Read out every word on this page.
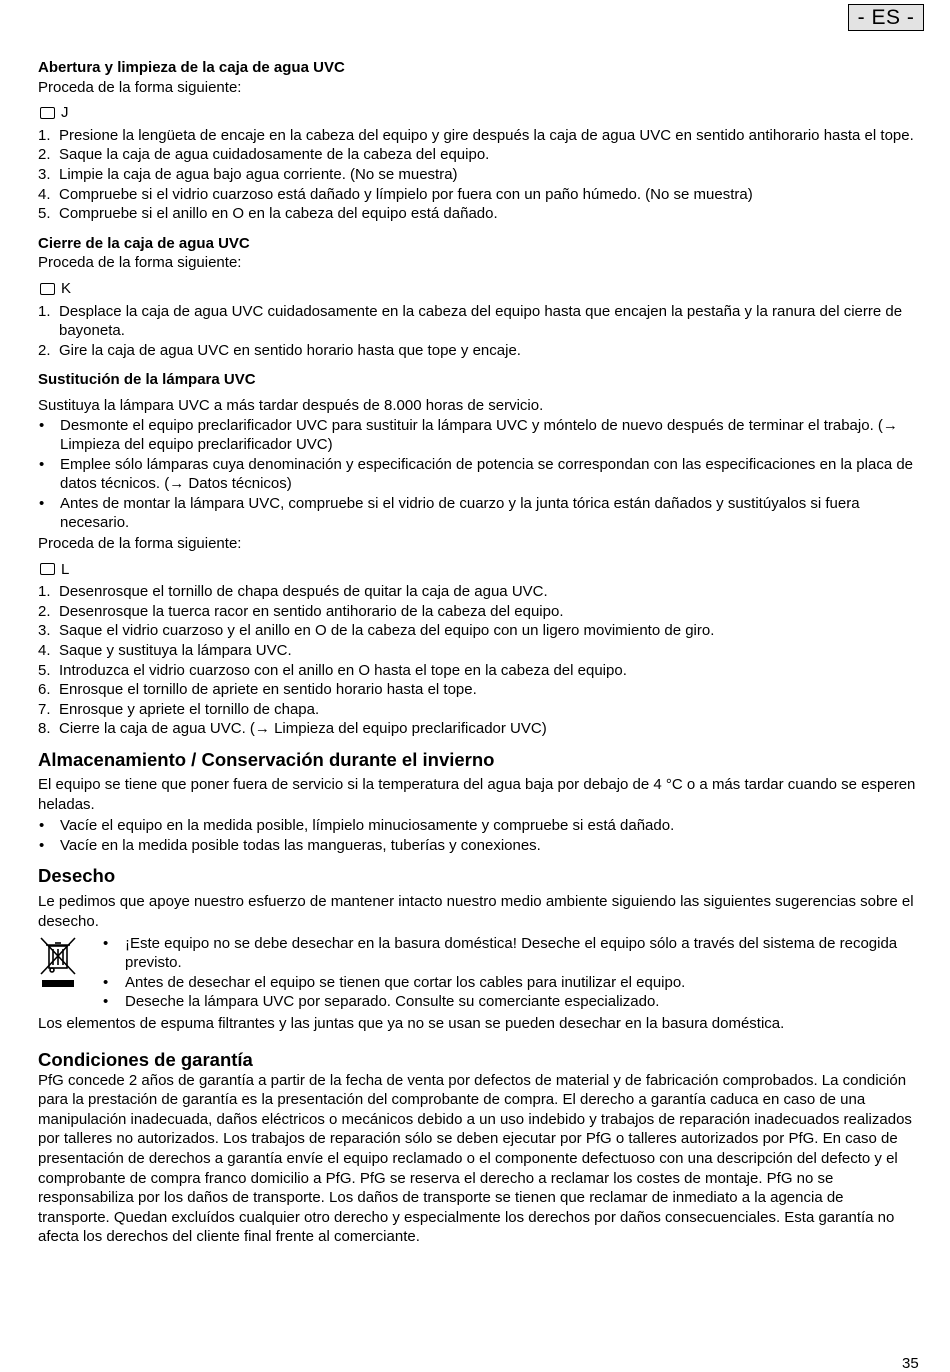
- ES -
Abertura y limpieza de la caja de agua UVC

Proceda de la forma siguiente:

J
1. Presione la lengüeta de encaje en la cabeza del equipo y gire después la caja de agua UVC en sentido antihorario hasta el tope.
2. Saque la caja de agua cuidadosamente de la cabeza del equipo.
3. Limpie la caja de agua bajo agua corriente. (No se muestra)
4. Compruebe si el vidrio cuarzoso está dañado y límpielo por fuera con un paño húmedo. (No se muestra)
5. Compruebe si el anillo en O en la cabeza del equipo está dañado.
Cierre de la caja de agua UVC

Proceda de la forma siguiente:

K
1. Desplace la caja de agua UVC cuidadosamente en la cabeza del equipo hasta que encajen la pestaña y la ranura del cierre de bayoneta.
2. Gire la caja de agua UVC en sentido horario hasta que tope y encaje.
Sustitución de la lámpara UVC

Sustituya la lámpara UVC a más tardar después de 8.000 horas de servicio.

•	Desmonte el equipo preclarificador UVC para sustituir la lámpara UVC y móntelo de nuevo después de terminar el trabajo. (→ Limpieza del equipo preclarificador UVC)
•	Emplee sólo lámparas cuya denominación y especificación de potencia se correspondan con las especificaciones en la placa de datos técnicos. (→ Datos técnicos)
•	Antes de montar la lámpara UVC, compruebe si el vidrio de cuarzo y la junta tórica están dañados y sustitúyalos si fuera necesario.

Proceda de la forma siguiente:

L
1. Desenrosque el tornillo de chapa después de quitar la caja de agua UVC.
2. Desenrosque la tuerca racor en sentido antihorario de la cabeza del equipo.
3. Saque el vidrio cuarzoso y el anillo en O de la cabeza del equipo con un ligero movimiento de giro.
4. Saque y sustituya la lámpara UVC.
5. Introduzca el vidrio cuarzoso con el anillo en O hasta el tope en la cabeza del equipo.
6. Enrosque el tornillo de apriete en sentido horario hasta el tope.
7. Enrosque y apriete el tornillo de chapa.
8. Cierre la caja de agua UVC. (→ Limpieza del equipo preclarificador UVC)
Almacenamiento / Conservación durante el invierno

El equipo se tiene que poner fuera de servicio si la temperatura del agua baja por debajo de 4 °C o a más tardar cuando se esperen heladas.

•	Vacíe el equipo en la medida posible, límpielo minuciosamente y compruebe si está dañado.
•	Vacíe en la medida posible todas las mangueras, tuberías y conexiones.
Desecho

Le pedimos que apoye nuestro esfuerzo de mantener intacto nuestro medio ambiente siguiendo las siguientes sugerencias sobre el desecho.

•	¡Este equipo no se debe desechar en la basura doméstica! Deseche el equipo sólo a través del sistema de recogida previsto.
•	Antes de desechar el equipo se tienen que cortar los cables para inutilizar el equipo.
•	Deseche la lámpara UVC por separado. Consulte su comerciante especializado.

Los elementos de espuma filtrantes y las juntas que ya no se usan se pueden desechar en la basura doméstica.

Condiciones de garantía

PfG concede 2 años de garantía a partir de la fecha de venta por defectos de material y de fabricación comprobados. La condición para la prestación de garantía es la presentación del comprobante de compra. El derecho a garantía caduca en caso de una manipulación inadecuada, daños eléctricos o mecánicos debido a un uso indebido y trabajos de reparación inadecuados realizados por talleres no autorizados. Los trabajos de reparación sólo se deben ejecutar por PfG o talleres autorizados por PfG. En caso de presentación de derechos a garantía envíe el equipo reclamado o el componente defectuoso con una descripción del defecto y el comprobante de compra franco domicilio a PfG. PfG se reserva el derecho a reclamar los costes de montaje. PfG no se responsabiliza por los daños de transporte. Los daños de transporte se tienen que reclamar de inmediato a la agencia de transporte. Quedan excluídos cualquier otro derecho y especialmente los derechos por daños consecuenciales. Esta garantía no afecta los derechos del cliente final frente al comerciante.

35
